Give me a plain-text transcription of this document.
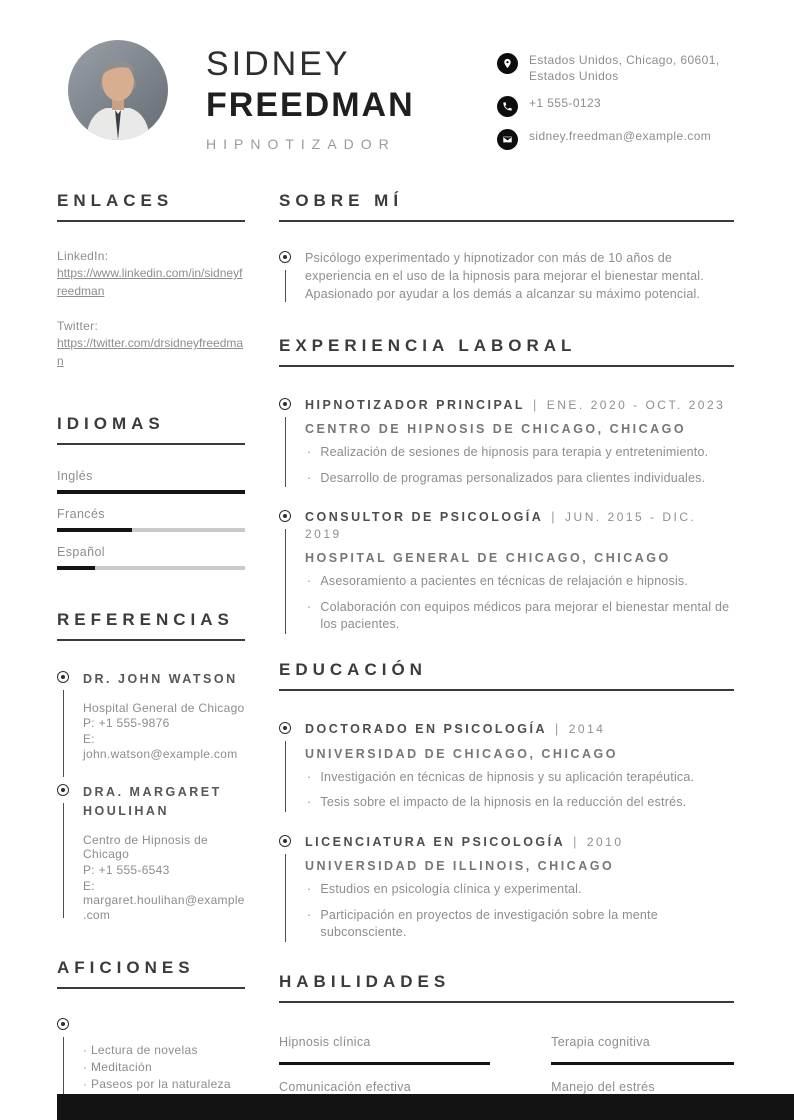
SIDNEY
FREEDMAN
HIPNOTIZADOR
Estados Unidos, Chicago, 60601, Estados Unidos
+1 555-0123
sidney.freedman@example.com
ENLACES
LinkedIn:
https://www.linkedin.com/in/sidneyfreedman
Twitter:
https://twitter.com/drsidneyfreedman
IDIOMAS
Inglés
Francés
Español
REFERENCIAS
DR. JOHN WATSON
Hospital General de Chicago
P: +1 555-9876
E: john.watson@example.com
DRA. MARGARET HOULIHAN
Centro de Hipnosis de Chicago
P: +1 555-6543
E: margaret.houlihan@example.com
AFICIONES
· Lectura de novelas
· Meditación
· Paseos por la naturaleza
·
·
SOBRE MÍ
Psicólogo experimentado y hipnotizador con más de 10 años de experiencia en el uso de la hipnosis para mejorar el bienestar mental. Apasionado por ayudar a los demás a alcanzar su máximo potencial.
EXPERIENCIA LABORAL
HIPNOTIZADOR PRINCIPAL | ENE. 2020 - OCT. 2023
CENTRO DE HIPNOSIS DE CHICAGO, CHICAGO
· Realización de sesiones de hipnosis para terapia y entretenimiento.
· Desarrollo de programas personalizados para clientes individuales.
CONSULTOR DE PSICOLOGÍA | JUN. 2015 - DIC. 2019
HOSPITAL GENERAL DE CHICAGO, CHICAGO
· Asesoramiento a pacientes en técnicas de relajación e hipnosis.
· Colaboración con equipos médicos para mejorar el bienestar mental de los pacientes.
EDUCACIÓN
DOCTORADO EN PSICOLOGÍA | 2014
UNIVERSIDAD DE CHICAGO, CHICAGO
· Investigación en técnicas de hipnosis y su aplicación terapéutica.
· Tesis sobre el impacto de la hipnosis en la reducción del estrés.
LICENCIATURA EN PSICOLOGÍA | 2010
UNIVERSIDAD DE ILLINOIS, CHICAGO
· Estudios en psicología clínica y experimental.
· Participación en proyectos de investigación sobre la mente subconsciente.
HABILIDADES
Hipnosis clínica
Comunicación efectiva
Terapia cognitiva
Manejo del estrés
